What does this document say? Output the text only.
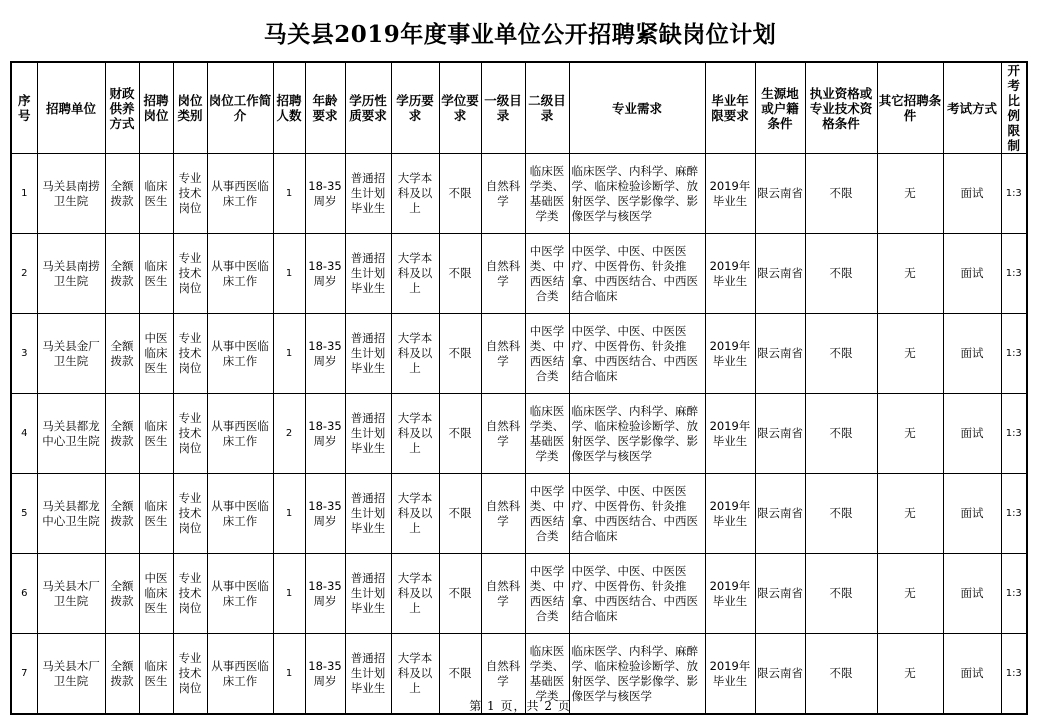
马关县2019年度事业单位公开招聘紧缺岗位计划
序号	招聘单位	财政供养方式	招聘岗位	岗位类别	岗位工作简介	招聘人数	年龄要求	学历性质要求	学历要求	学位要求	一级目录	二级目录	专业需求	毕业年限要求	生源地或户籍条件	执业资格或专业技术资格条件	其它招聘条件	考试方式	开考比例限制
1	马关县南捞卫生院	全额拨款	临床医生	专业技术岗位	从事西医临床工作	1	18-35周岁	普通招生计划毕业生	大学本科及以上	不限	自然科学	临床医学类、基础医学类	临床医学、内科学、麻醉学、临床检验诊断学、放射医学、医学影像学、影像医学与核医学	2019年毕业生	限云南省	不限	无	面试	1:3
2	马关县南捞卫生院	全额拨款	临床医生	专业技术岗位	从事中医临床工作	1	18-35周岁	普通招生计划毕业生	大学本科及以上	不限	自然科学	中医学类、中西医结合类	中医学、中医、中医医疗、中医骨伤、针灸推拿、中西医结合、中西医结合临床	2019年毕业生	限云南省	不限	无	面试	1:3
3	马关县金厂卫生院	全额拨款	中医临床医生	专业技术岗位	从事中医临床工作	1	18-35周岁	普通招生计划毕业生	大学本科及以上	不限	自然科学	中医学类、中西医结合类	中医学、中医、中医医疗、中医骨伤、针灸推拿、中西医结合、中西医结合临床	2019年毕业生	限云南省	不限	无	面试	1:3
4	马关县都龙中心卫生院	全额拨款	临床医生	专业技术岗位	从事西医临床工作	2	18-35周岁	普通招生计划毕业生	大学本科及以上	不限	自然科学	临床医学类、基础医学类	临床医学、内科学、麻醉学、临床检验诊断学、放射医学、医学影像学、影像医学与核医学	2019年毕业生	限云南省	不限	无	面试	1:3
5	马关县都龙中心卫生院	全额拨款	临床医生	专业技术岗位	从事中医临床工作	1	18-35周岁	普通招生计划毕业生	大学本科及以上	不限	自然科学	中医学类、中西医结合类	中医学、中医、中医医疗、中医骨伤、针灸推拿、中西医结合、中西医结合临床	2019年毕业生	限云南省	不限	无	面试	1:3
6	马关县木厂卫生院	全额拨款	中医临床医生	专业技术岗位	从事中医临床工作	1	18-35周岁	普通招生计划毕业生	大学本科及以上	不限	自然科学	中医学类、中西医结合类	中医学、中医、中医医疗、中医骨伤、针灸推拿、中西医结合、中西医结合临床	2019年毕业生	限云南省	不限	无	面试	1:3
7	马关县木厂卫生院	全额拨款	临床医生	专业技术岗位	从事西医临床工作	1	18-35周岁	普通招生计划毕业生	大学本科及以上	不限	自然科学	临床医学类、基础医学类	临床医学、内科学、麻醉学、临床检验诊断学、放射医学、医学影像学、影像医学与核医学	2019年毕业生	限云南省	不限	无	面试	1:3
第 1 页，共 2 页
